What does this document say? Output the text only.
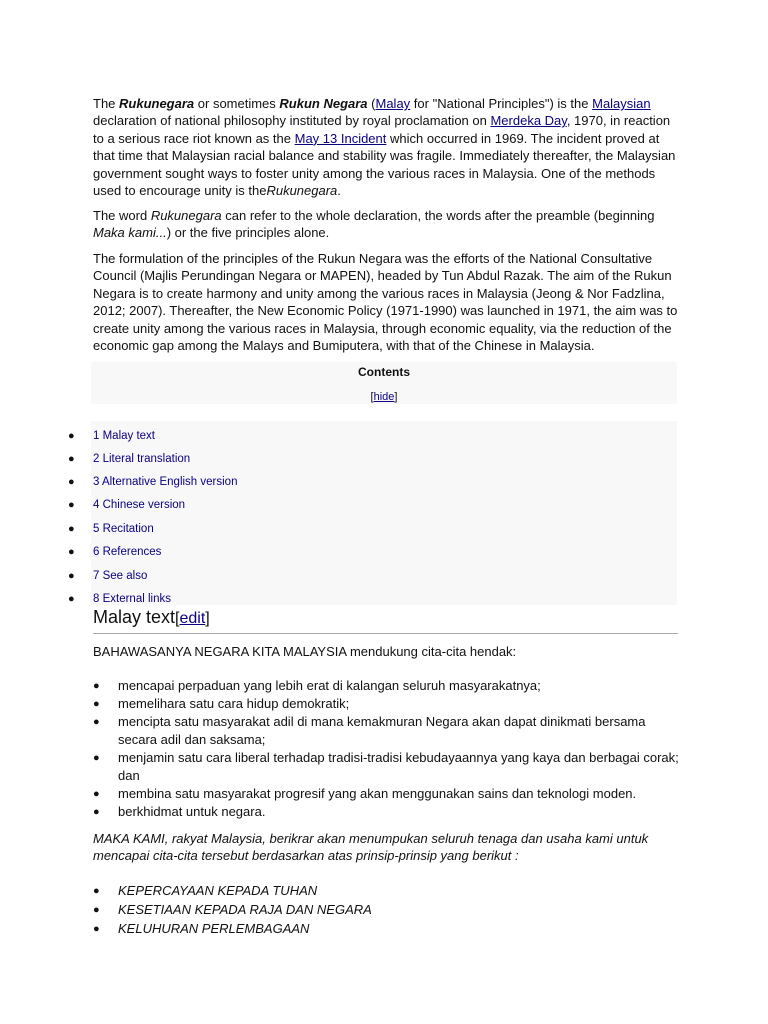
The Rukunegara or sometimes Rukun Negara (Malay for "National Principles") is the Malaysian declaration of national philosophy instituted by royal proclamation on Merdeka Day, 1970, in reaction to a serious race riot known as the May 13 Incident which occurred in 1969. The incident proved at that time that Malaysian racial balance and stability was fragile. Immediately thereafter, the Malaysian government sought ways to foster unity among the various races in Malaysia. One of the methods used to encourage unity is theRukunegara.

The word Rukunegara can refer to the whole declaration, the words after the preamble (beginning Maka kami...) or the five principles alone.

The formulation of the principles of the Rukun Negara was the efforts of the National Consultative Council (Majlis Perundingan Negara or MAPEN), headed by Tun Abdul Razak. The aim of the Rukun Negara is to create harmony and unity among the various races in Malaysia (Jeong & Nor Fadzlina, 2012; 2007). Thereafter, the New Economic Policy (1971-1990) was launched in 1971, the aim was to create unity among the various races in Malaysia, through economic equality, via the reduction of the economic gap among the Malays and Bumiputera, with that of the Chinese in Malaysia.

Contents
[hide]
● 1 Malay text
● 2 Literal translation
● 3 Alternative English version
● 4 Chinese version
● 5 Recitation
● 6 References
● 7 See also
● 8 External links
Malay text[edit]

BAHAWASANYA NEGARA KITA MALAYSIA mendukung cita-cita hendak:

● mencapai perpaduan yang lebih erat di kalangan seluruh masyarakatnya;
● memelihara satu cara hidup demokratik;
● mencipta satu masyarakat adil di mana kemakmuran Negara akan dapat dinikmati bersama secara adil dan saksama;
● menjamin satu cara liberal terhadap tradisi-tradisi kebudayaannya yang kaya dan berbagai corak; dan
● membina satu masyarakat progresif yang akan menggunakan sains dan teknologi moden.
● berkhidmat untuk negara.

MAKA KAMI, rakyat Malaysia, berikrar akan menumpukan seluruh tenaga dan usaha kami untuk mencapai cita-cita tersebut berdasarkan atas prinsip-prinsip yang berikut :

● KEPERCAYAAN KEPADA TUHAN
● KESETIAAN KEPADA RAJA DAN NEGARA
● KELUHURAN PERLEMBAGAAN
